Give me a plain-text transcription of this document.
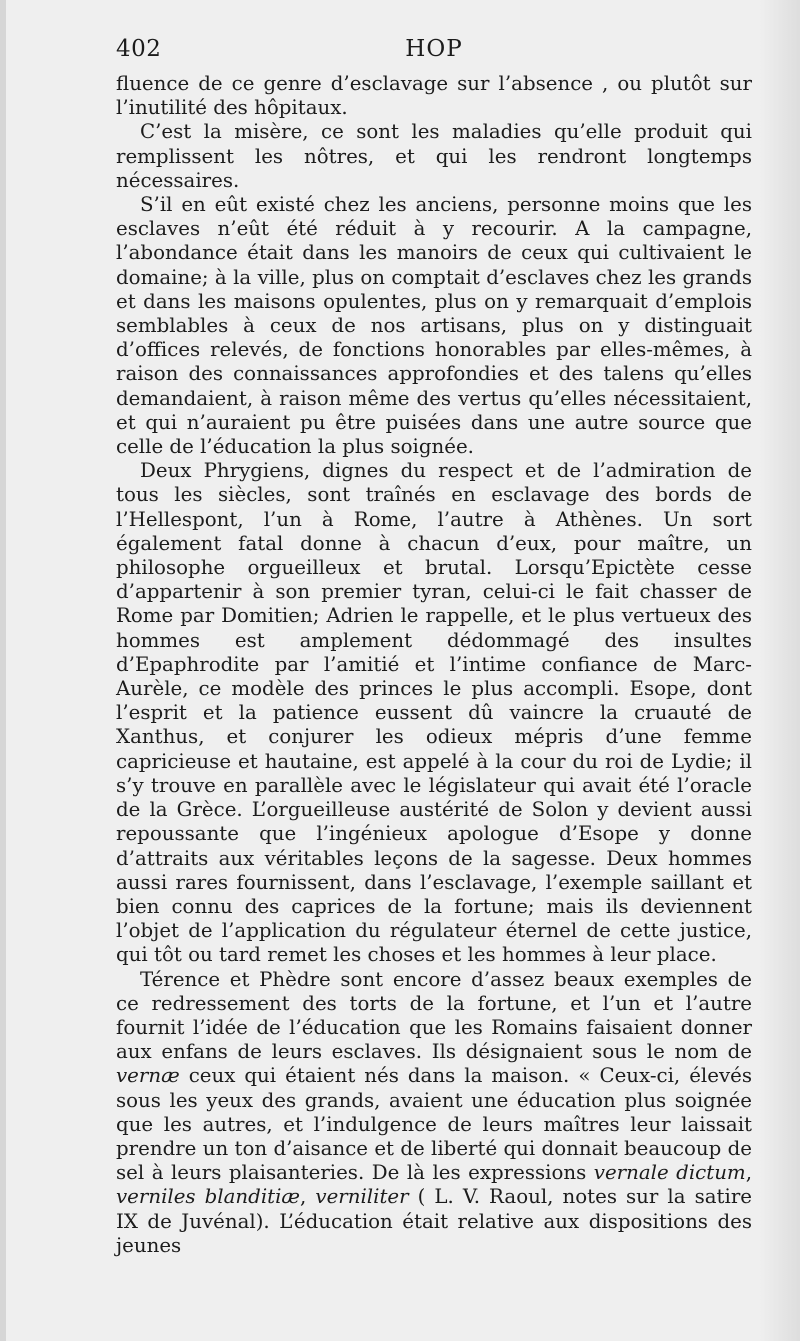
402	HOP

fluence de ce genre d’esclavage sur l’absence , ou plutôt sur l’inutilité des hôpitaux.

C’est la misère, ce sont les maladies qu’elle produit qui remplissent les nôtres, et qui les rendront longtemps nécessaires.

S’il en eût existé chez les anciens, personne moins que les esclaves n’eût été réduit à y recourir. A la campagne, l’abondance était dans les manoirs de ceux qui cultivaient le domaine; à la ville, plus on comptait d’esclaves chez les grands et dans les maisons opulentes, plus on y remarquait d’emplois semblables à ceux de nos artisans, plus on y distinguait d’offices relevés, de fonctions honorables par elles-mêmes, à raison des connaissances approfondies et des talens qu’elles demandaient, à raison même des vertus qu’elles nécessitaient, et qui n’auraient pu être puisées dans une autre source que celle de l’éducation la plus soignée.

Deux Phrygiens, dignes du respect et de l’admiration de tous les siècles, sont traînés en esclavage des bords de l’Hellespont, l’un à Rome, l’autre à Athènes. Un sort également fatal donne à chacun d’eux, pour maître, un philosophe orgueilleux et brutal. Lorsqu’Epictète cesse d’appartenir à son premier tyran, celui-ci le fait chasser de Rome par Domitien; Adrien le rappelle, et le plus vertueux des hommes est amplement dédommagé des insultes d’Epaphrodite par l’amitié et l’intime confiance de Marc-Aurèle, ce modèle des princes le plus accompli. Esope, dont l’esprit et la patience eussent dû vaincre la cruauté de Xanthus, et conjurer les odieux mépris d’une femme capricieuse et hautaine, est appelé à la cour du roi de Lydie; il s’y trouve en parallèle avec le législateur qui avait été l’oracle de la Grèce. L’orgueilleuse austérité de Solon y devient aussi repoussante que l’ingénieux apologue d’Esope y donne d’attraits aux véritables leçons de la sagesse. Deux hommes aussi rares fournissent, dans l’esclavage, l’exemple saillant et bien connu des caprices de la fortune; mais ils deviennent l’objet de l’application du régulateur éternel de cette justice, qui tôt ou tard remet les choses et les hommes à leur place.

Térence et Phèdre sont encore d’assez beaux exemples de ce redressement des torts de la fortune, et l’un et l’autre fournit l’idée de l’éducation que les Romains faisaient donner aux enfans de leurs esclaves. Ils désignaient sous le nom de vernæ ceux qui étaient nés dans la maison. « Ceux-ci, élevés sous les yeux des grands, avaient une éducation plus soignée que les autres, et l’indulgence de leurs maîtres leur laissait prendre un ton d’aisance et de liberté qui donnait beaucoup de sel à leurs plaisanteries. De là les expressions vernale dictum, verniles blanditiæ, verniliter ( L. V. Raoul, notes sur la satire IX de Juvénal). L’éducation était relative aux dispositions des jeunes
